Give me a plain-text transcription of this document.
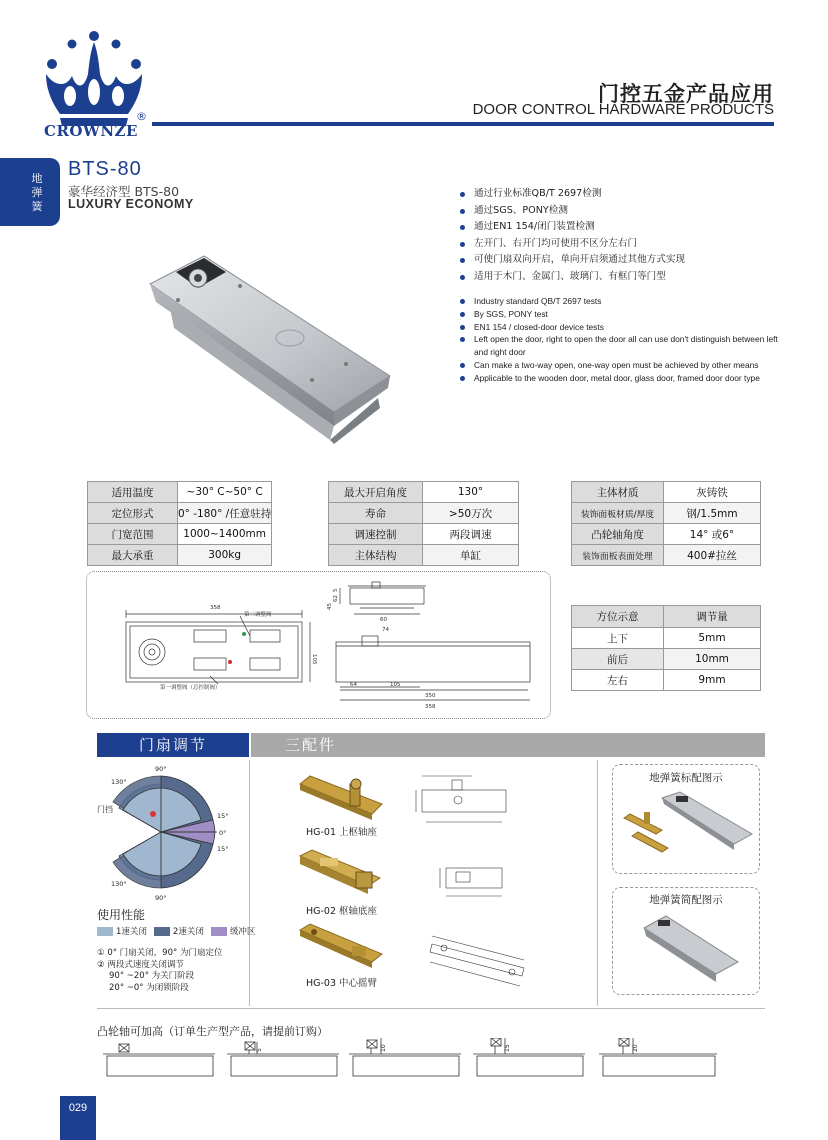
CROWNZE
®
门控五金产品应用
DOOR CONTROL HARDWARE PRODUCTS
地
弹
簧
BTS-80
豪华经济型 BTS-80
LUXURY ECONOMY
通过行业标准QB/T 2697检测
通过SGS、PONY检测
通过EN1 154/闭门装置检测
左开门、右开门均可使用不区分左右门
可使门扇双向开启，单向开启须通过其他方式实现
适用于木门、金属门、玻璃门、有框门等门型
Industry standard QB/T 2697 tests
By SGS, PONY test
EN1 154 / closed-door device tests
Left open the door, right to open the door all can use don't distinguish between left and right door
Can make a two-way open, one-way open must be achieved by other means
Applicable to the wooden door, metal door, glass door, framed door door type
适用温度	~30° C~50° C
定位形式	0° -180° /任意驻持
门宽范围	1000~1400mm
最大承重	300kg
最大开启角度	130°
寿命	>50万次
调速控制	两段调速
主体结构	单缸
主体材质	灰铸铁
装饰面板材质/厚度	钢/1.5mm
凸轮轴角度	14° 或6°
装饰面板表面处理	400#拉丝
358
105
第二调整阀
第一调整阀（总控制阀）
60
74
62
5
45
64	105
350
358
方位示意	调节量
上下	5mm
前后	10mm
左右	9mm
门扇调节	三配件
90°
130°
15°
0°
15°
130°
90°
门挡
使用性能
1速关闭	2速关闭	缓冲区
① 0° 门扇关闭，90° 为门扇定位
② 两段式速度关闭调节
90° ~20° 为关门阶段
20° ~0° 为闭锁阶段
HG-01 上枢轴座
HG-02 枢轴底座
HG-03 中心摇臂
地弹簧标配图示
地弹簧简配图示
凸轮轴可加高（订单生产型产品，请提前订购）
5	10	15	20
029
